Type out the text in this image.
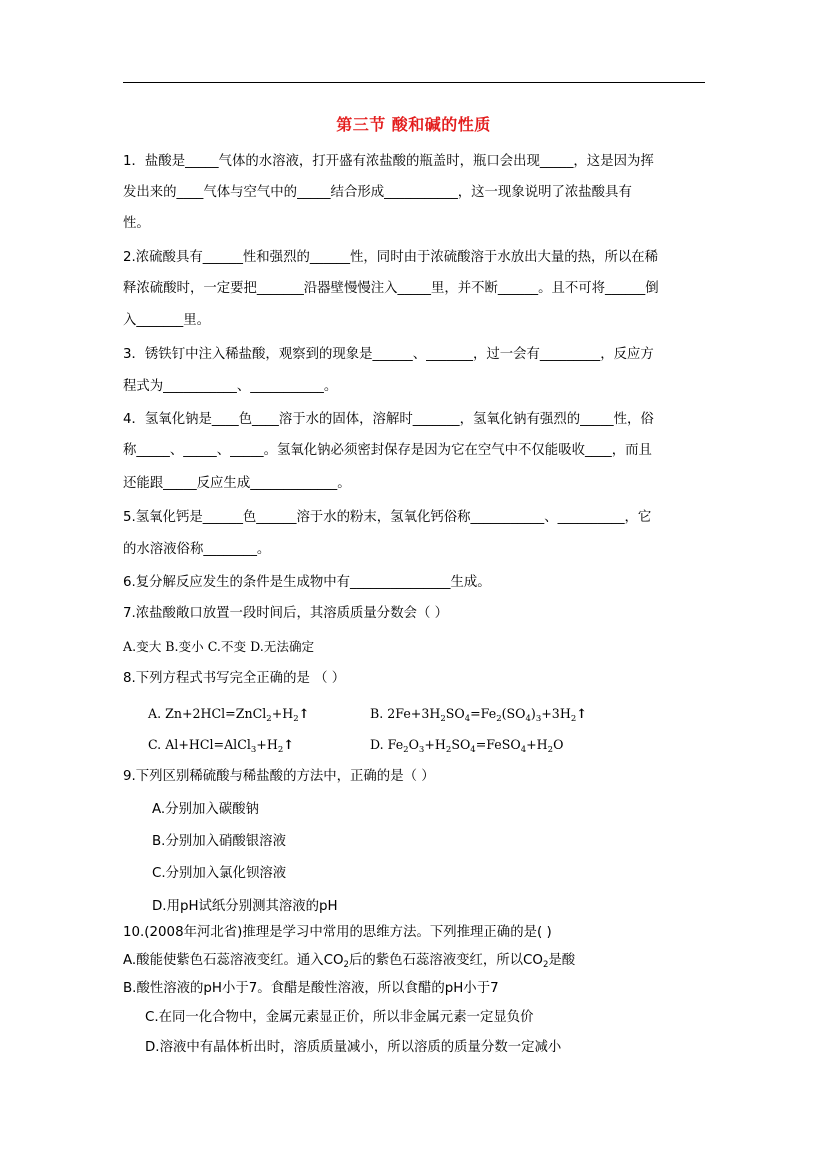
第三节 酸和碱的性质
1．盐酸是_____气体的水溶液，打开盛有浓盐酸的瓶盖时，瓶口会出现_____，这是因为挥
发出来的____气体与空气中的_____结合形成___________，这一现象说明了浓盐酸具有
性。
2.浓硫酸具有______性和强烈的______性，同时由于浓硫酸溶于水放出大量的热，所以在稀
释浓硫酸时，一定要把_______沿器壁慢慢注入_____里，并不断______。且不可将______倒
入_______里。
3．锈铁钉中注入稀盐酸，观察到的现象是______、_______，过一会有_________，反应方
程式为___________、___________。
4．氢氧化钠是____色____溶于水的固体，溶解时_______，氢氧化钠有强烈的_____性，俗
称_____、_____、_____。氢氧化钠必须密封保存是因为它在空气中不仅能吸收____，而且
还能跟_____反应生成_____________。
5.氢氧化钙是______色______溶于水的粉末，氢氧化钙俗称___________、__________，它
的水溶液俗称________。
6.复分解反应发生的条件是生成物中有_______________生成。
7.浓盐酸敞口放置一段时间后，其溶质质量分数会（ ）
A.变大 B.变小 C.不变 D.无法确定
8.下列方程式书写完全正确的是 （ ）
A. $Zn+2HCl=ZnCl_2+H_2↑$	B. $2Fe+3H_2SO_4=Fe_2(SO_4)_3+3H_2↑$
C. $Al+HCl=AlCl_3+H_2↑$	D. $Fe_2O_3+H_2SO_4=FeSO_4+H_2O$
9.下列区别稀硫酸与稀盐酸的方法中，正确的是（ ）
A.分别加入碳酸钠
B.分别加入硝酸银溶液
C.分别加入氯化钡溶液
D.用pH试纸分别测其溶液的pH
10.(2008年河北省)推理是学习中常用的思维方法。下列推理正确的是( )
A.酸能使紫色石蕊溶液变红。通入$CO_2$后的紫色石蕊溶液变红，所以$CO_2$是酸
B.酸性溶液的pH小于7。食醋是酸性溶液，所以食醋的pH小于7
C.在同一化合物中，金属元素显正价，所以非金属元素一定显负价
D.溶液中有晶体析出时，溶质质量减小，所以溶质的质量分数一定减小
